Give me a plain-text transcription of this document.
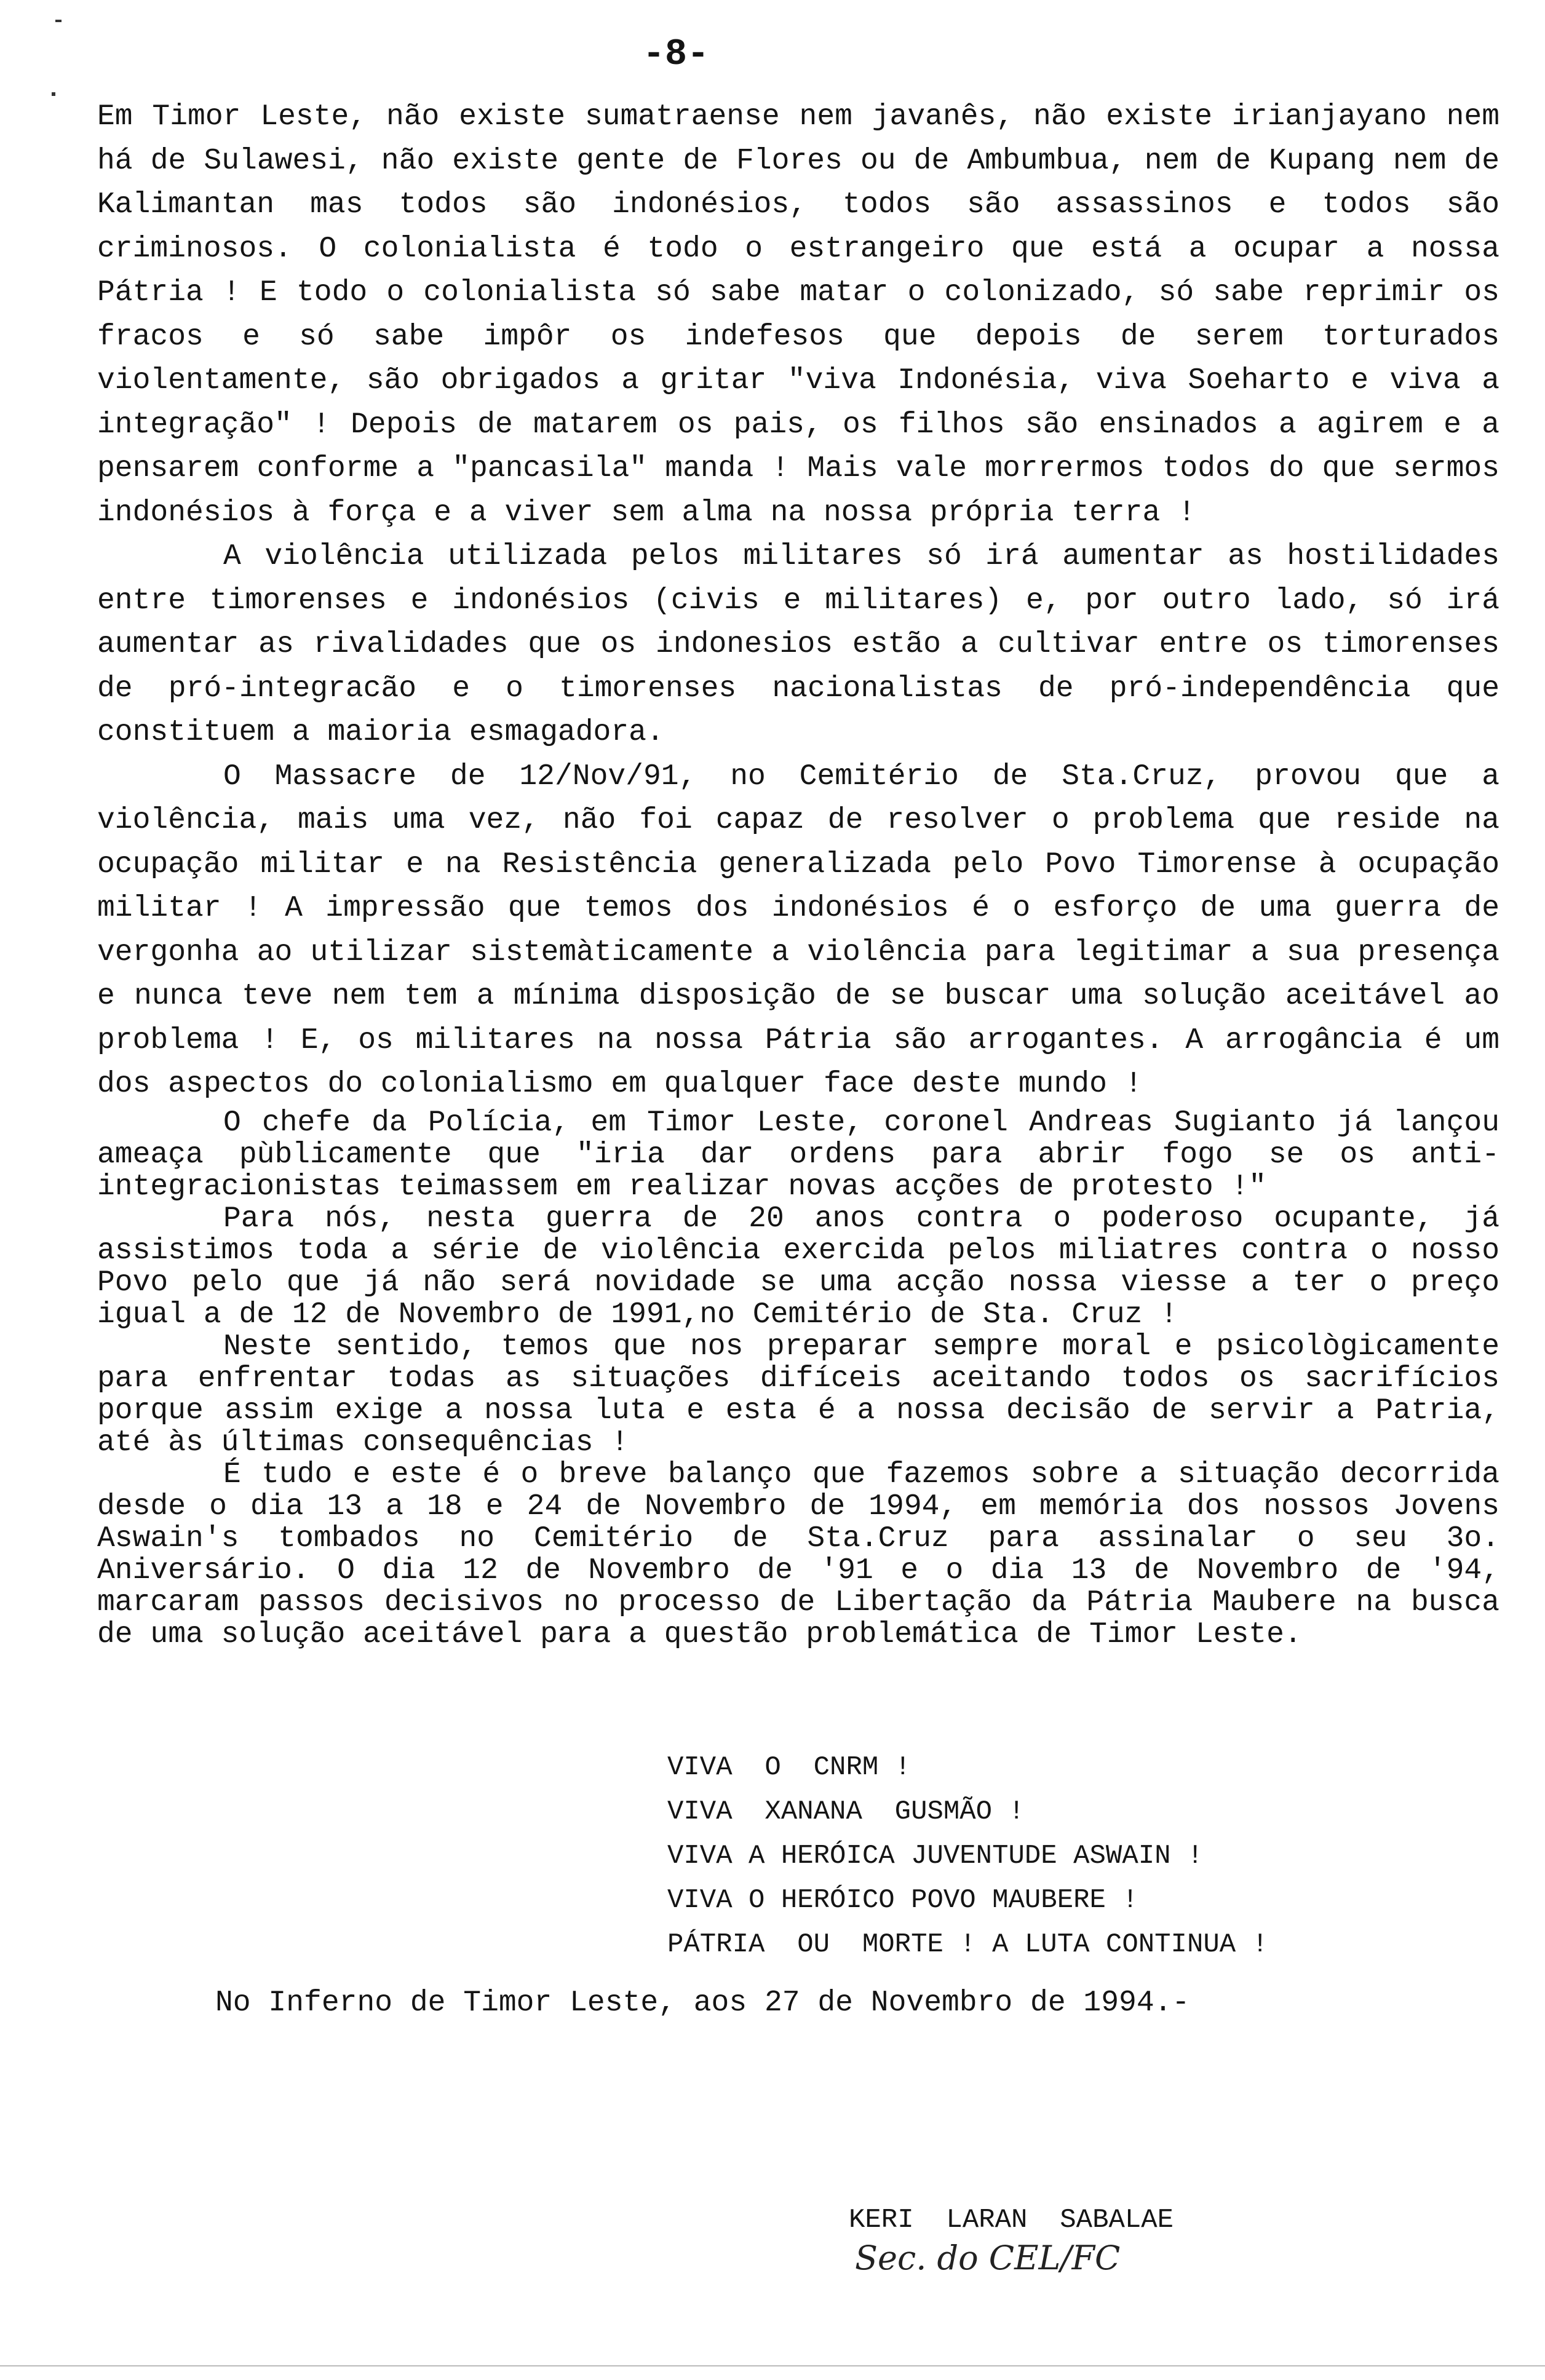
-8-

Em Timor Leste, não existe sumatraense nem javanês, não existe irianjayano nem há de Sulawesi, não existe gente de Flores ou de Ambumbua, nem de Kupang nem de Kalimantan mas todos são indonésios, todos são assassinos e todos são criminosos. O colonialista é todo o estrangeiro que está a ocupar a nossa Pátria ! E todo o colonialista só sabe matar o colonizado, só sabe reprimir os fracos e só sabe impôr os indefesos que depois de serem torturados violentamente, são obrigados a gritar "viva Indonésia, viva Soeharto e viva a integração" ! Depois de matarem os pais, os filhos são ensinados a agirem e a pensarem conforme a "pancasila" manda ! Mais vale morrermos todos do que sermos indonésios à força e a viver sem alma na nossa própria terra !

A violência utilizada pelos militares só irá aumentar as hostilidades entre timorenses e indonésios (civis e militares) e, por outro lado, só irá aumentar as rivalidades que os indonesios estão a cultivar entre os timorenses de pró-integracão e o timorenses nacionalistas de pró-independência que constituem a maioria esmagadora.

O Massacre de 12/Nov/91, no Cemitério de Sta.Cruz, provou que a violência, mais uma vez, não foi capaz de resolver o problema que reside na ocupação militar e na Resistência generalizada pelo Povo Timorense à ocupação militar ! A impressão que temos dos indonésios é o esforço de uma guerra de vergonha ao utilizar sistemàticamente a violência para legitimar a sua presença e nunca teve nem tem a mínima disposição de se buscar uma solução aceitável ao problema ! E, os militares na nossa Pátria são arrogantes. A arrogância é um dos aspectos do colonialismo em qualquer face deste mundo !

O chefe da Polícia, em Timor Leste, coronel Andreas Sugianto já lançou ameaça pùblicamente que "iria dar ordens para abrir fogo se os anti-integracionistas teimassem em realizar novas acções de protesto !"

Para nós, nesta guerra de 20 anos contra o poderoso ocupante, já assistimos toda a série de violência exercida pelos miliatres contra o nosso Povo pelo que já não será novidade se uma acção nossa viesse a ter o preço igual a de 12 de Novembro de 1991,no Cemitério de Sta. Cruz !

Neste sentido, temos que nos preparar sempre moral e psicològicamente para enfrentar todas as situações difíceis aceitando todos os sacrifícios porque assim exige a nossa luta e esta é a nossa decisão de servir a Patria, até às últimas consequências !

É tudo e este é o breve balanço que fazemos sobre a situação decorrida desde o dia 13 a 18 e 24 de Novembro de 1994, em memória dos nossos Jovens Aswain's tombados no Cemitério de Sta.Cruz para assinalar o seu 3o. Aniversário. O dia 12 de Novembro de '91 e o dia 13 de Novembro de '94, marcaram passos decisivos no processo de Libertação da Pátria Maubere na busca de uma solução aceitável para a questão problemática de Timor Leste.

VIVA  O  CNRM !
VIVA  XANANA  GUSMÃO !
VIVA A HERÓICA JUVENTUDE ASWAIN !
VIVA O HERÓICO POVO MAUBERE !
PÁTRIA  OU  MORTE ! A LUTA CONTINUA !
No Inferno de Timor Leste, aos 27 de Novembro de 1994.-
KERI  LARAN  SABALAE
Sec. do CEL/FC
